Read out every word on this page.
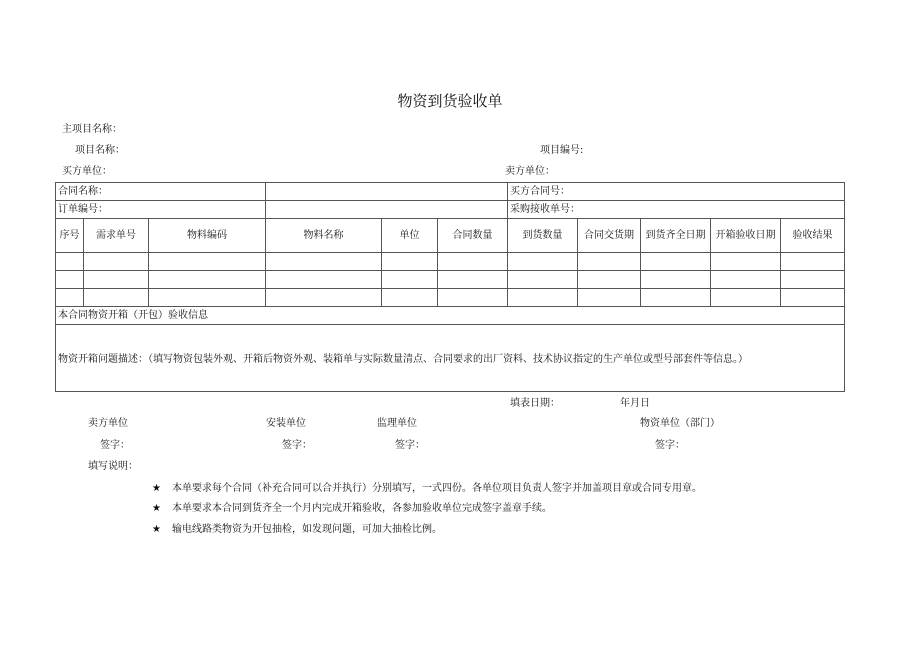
物资到货验收单
主项目名称：
项目名称：	项目编号:
买方单位：	卖方单位：
合同名称：						买方合同号：				
订单编号：						采购接收单号：				
序号	需求单号	物料编码	物料名称	单位	合同数量	到货数量	合同交货期	到货齐全日期	开箱验收日期	验收结果

本合同物资开箱（开包）验收信息										
物资开箱问题描述：（填写物资包装外观、开箱后物资外观、装箱单与实际数量清点、合同要求的出厂资料、技术协议指定的生产单位或型号部套件等信息。）										
填表日期：	年月日
卖方单位	安装单位	监理单位	物资单位（部门）
签字：	签字：	签字：	签字：
填写说明：
★ 本单要求每个合同（补充合同可以合并执行）分别填写，一式四份。各单位项目负责人签字并加盖项目章或合同专用章。
★ 本单要求本合同到货齐全一个月内完成开箱验收，各参加验收单位完成签字盖章手续。
★ 输电线路类物资为开包抽检，如发现问题，可加大抽检比例。
